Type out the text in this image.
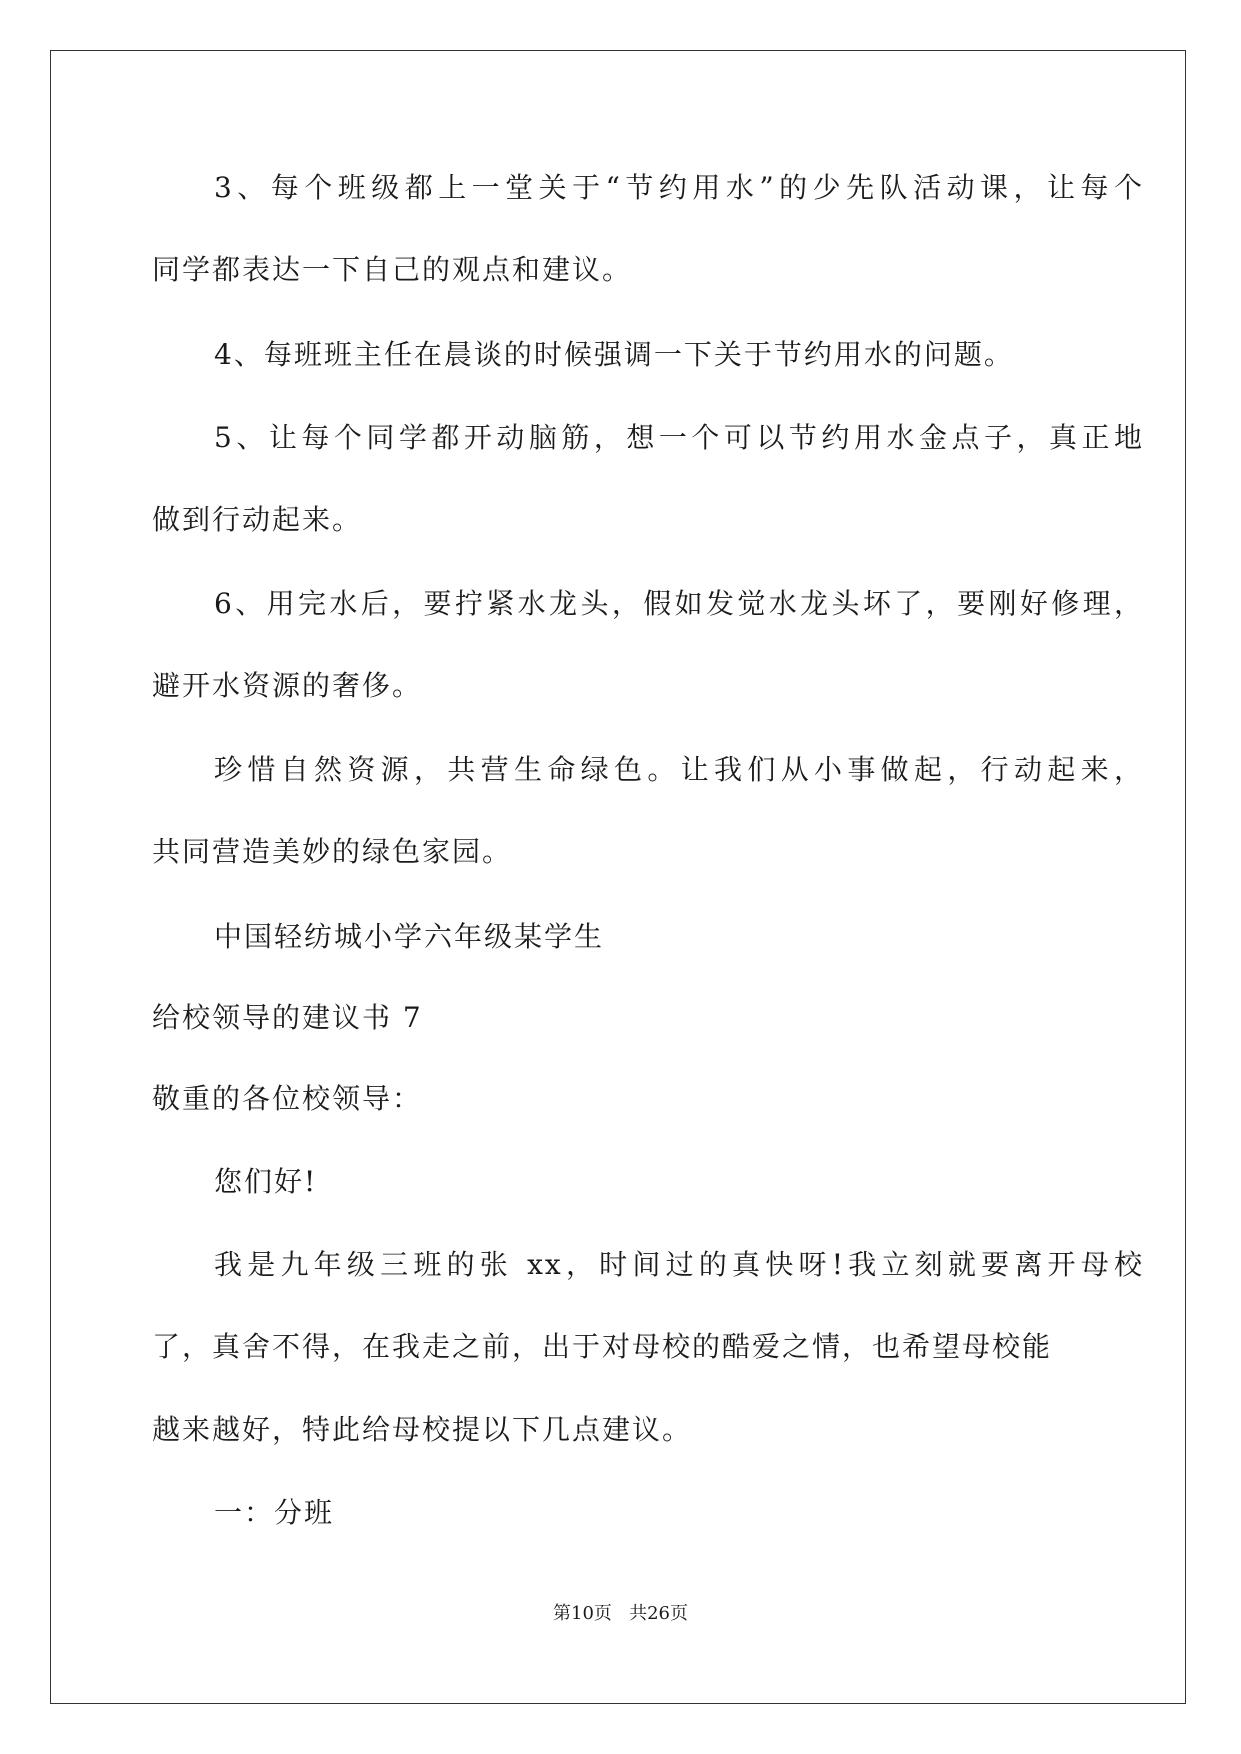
3、每个班级都上一堂关于“节约用水”的少先队活动课，让每个
同学都表达一下自己的观点和建议。
4、每班班主任在晨谈的时候强调一下关于节约用水的问题。
5、让每个同学都开动脑筋，想一个可以节约用水金点子，真正地
做到行动起来。
6、用完水后，要拧紧水龙头，假如发觉水龙头坏了，要刚好修理，
避开水资源的奢侈。
珍惜自然资源，共营生命绿色。让我们从小事做起，行动起来，
共同营造美妙的绿色家园。
中国轻纺城小学六年级某学生
给校领导的建议书 7
敬重的各位校领导：
您们好!
我是九年级三班的张 xx，时间过的真快呀!我立刻就要离开母校
了，真舍不得，在我走之前，出于对母校的酷爱之情，也希望母校能
越来越好，特此给母校提以下几点建议。
一：分班
第10页 共26页
